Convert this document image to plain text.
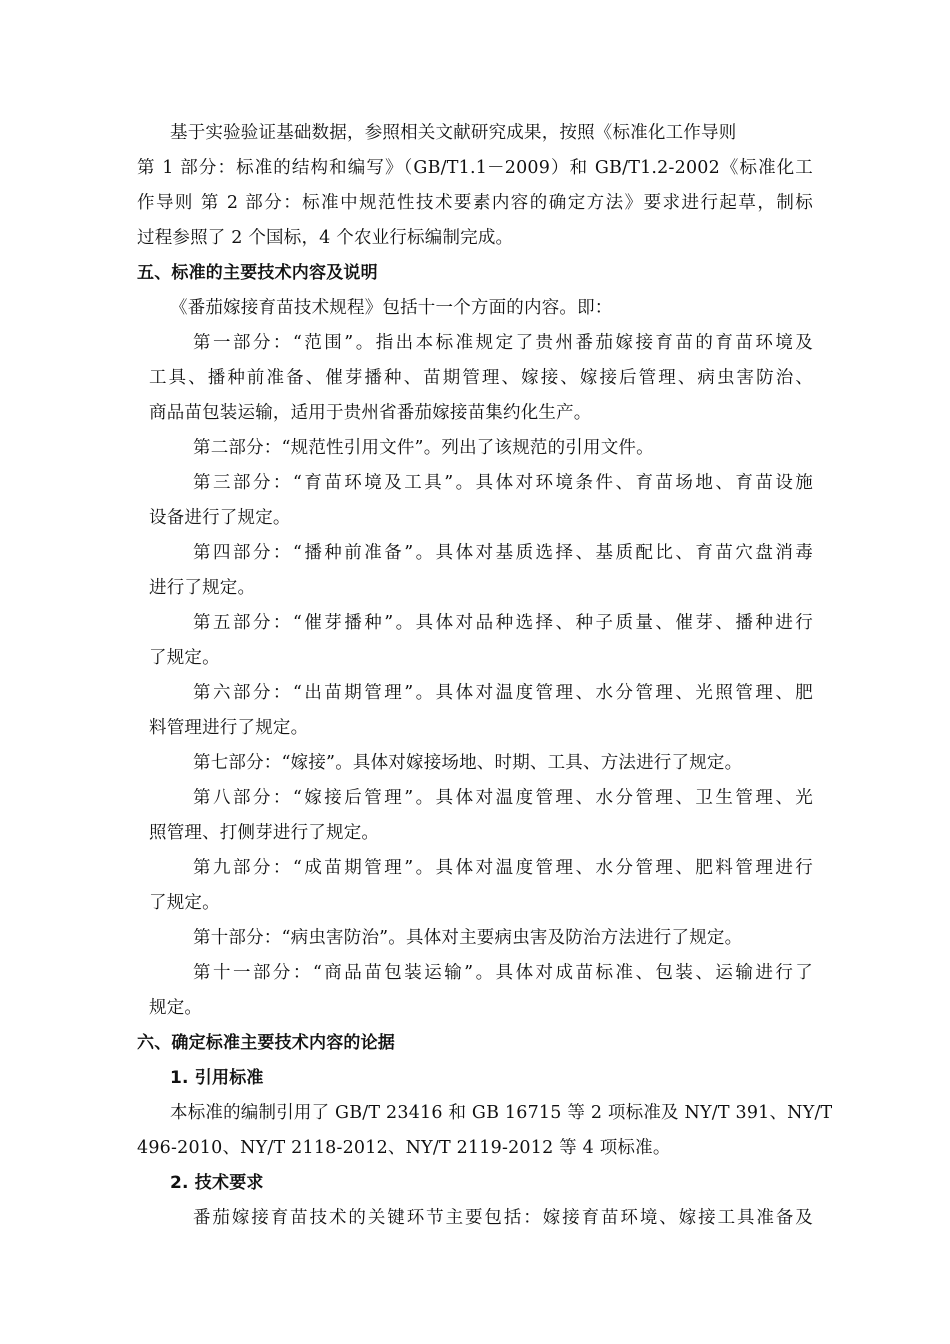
基于实验验证基础数据，参照相关文献研究成果，按照《标准化工作导则
第 1 部分：标准的结构和编写》（GB/T1.1－2009）和 GB/T1.2-2002《标准化工
作导则 第 2 部分：标准中规范性技术要素内容的确定方法》要求进行起草，制标
过程参照了 2 个国标，4 个农业行标编制完成。
五、标准的主要技术内容及说明
《番茄嫁接育苗技术规程》包括十一个方面的内容。即：
第一部分：“范围”。指出本标准规定了贵州番茄嫁接育苗的育苗环境及
工具、播种前准备、催芽播种、苗期管理、嫁接、嫁接后管理、病虫害防治、
商品苗包装运输，适用于贵州省番茄嫁接苗集约化生产。
第二部分：“规范性引用文件”。列出了该规范的引用文件。
第三部分：“育苗环境及工具”。具体对环境条件、育苗场地、育苗设施
设备进行了规定。
第四部分：“播种前准备”。具体对基质选择、基质配比、育苗穴盘消毒
进行了规定。
第五部分：“催芽播种”。具体对品种选择、种子质量、催芽、播种进行
了规定。
第六部分：“出苗期管理”。具体对温度管理、水分管理、光照管理、肥
料管理进行了规定。
第七部分：“嫁接”。具体对嫁接场地、时期、工具、方法进行了规定。
第八部分：“嫁接后管理”。具体对温度管理、水分管理、卫生管理、光
照管理、打侧芽进行了规定。
第九部分：“成苗期管理”。具体对温度管理、水分管理、肥料管理进行
了规定。
第十部分：“病虫害防治”。具体对主要病虫害及防治方法进行了规定。
第十一部分：“商品苗包装运输”。具体对成苗标准、包装、运输进行了
规定。
六、确定标准主要技术内容的论据
1. 引用标准
本标准的编制引用了 GB/T 23416 和 GB 16715 等 2 项标准及 NY/T 391、NY/T
496-2010、NY/T 2118-2012、NY/T 2119-2012 等 4 项标准。
2. 技术要求
番茄嫁接育苗技术的关键环节主要包括：嫁接育苗环境、嫁接工具准备及
